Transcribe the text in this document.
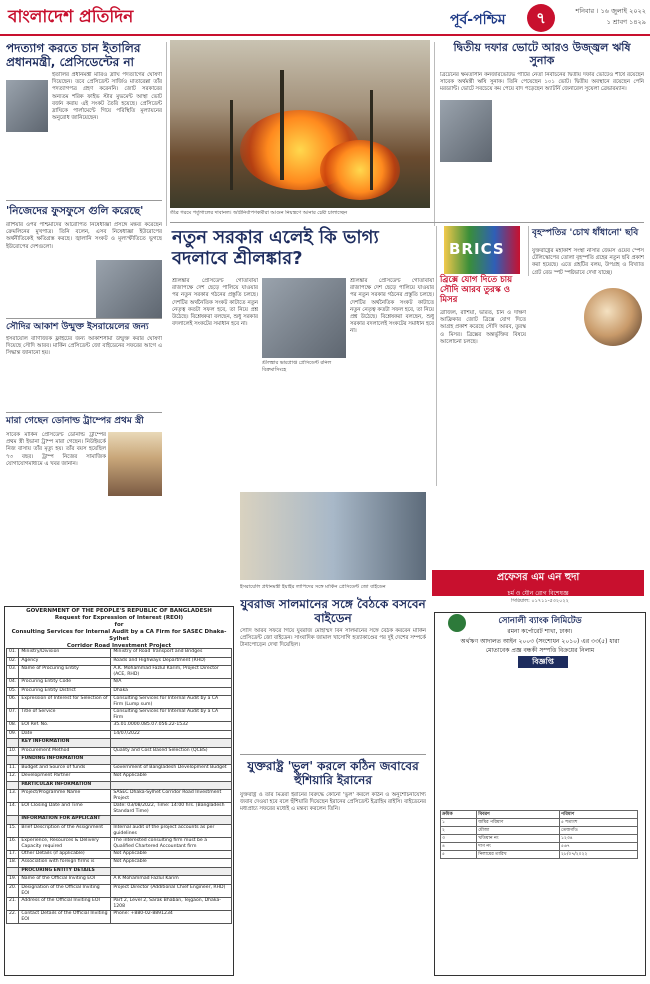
বাংলাদেশ প্রতিদিন	পূর্ব-পশ্চিম	৭	শনিবার । ১৬ জুলাই ২০২২
১ শ্রাবণ ১৪২৯
পদত্যাগ করতে চান ইতালির প্রধানমন্ত্রী, প্রেসিডেন্টের না
ইতালির প্রধানমন্ত্রী মারিও দ্রাঘি পদত্যাগের ঘোষণা দিয়েছেন। তবে প্রেসিডেন্ট সার্জিও মাতারেল্লা তাঁর পদত্যাগপত্র গ্রহণ করেননি। জোট সরকারের অন্যতম শরিক ফাইভ স্টার মুভমেন্ট আস্থা ভোট বর্জন করায় এই সংকট তৈরি হয়েছে। প্রেসিডেন্ট দ্রাঘিকে পার্লামেন্টে গিয়ে পরিস্থিতি মূল্যায়নের অনুরোধ জানিয়েছেন।
'নিজেদের ফুসফুসে গুলি করেছে'
রাশিয়ার ওপর পশ্চিমাদের আরোপিত নিষেধাজ্ঞা প্রসঙ্গে মন্তব্য করেছেন ক্রেমলিনের মুখপাত্র। তিনি বলেন, এসব নিষেধাজ্ঞা ইউরোপের অর্থনীতিকেই ক্ষতিগ্রস্ত করছে। জ্বালানি সংকট ও মূল্যস্ফীতিতে ভুগছে ইউরোপের দেশগুলো।
সৌদির আকাশ উন্মুক্ত ইসরায়েলের জন্য
ইসরায়েলি বাণিজ্যিক ফ্লাইটের জন্য আকাশসীমা উন্মুক্ত করার ঘোষণা দিয়েছে সৌদি আরব। মার্কিন প্রেসিডেন্ট জো বাইডেনের সফরের আগে এ সিদ্ধান্ত জানানো হয়।
মারা গেছেন ডোনাল্ড ট্রাম্পের প্রথম স্ত্রী
সাবেক মার্কিন প্রেসিডেন্ট ডোনাল্ড ট্রাম্পের প্রথম স্ত্রী ইভানা ট্রাম্প মারা গেছেন। নিউইয়র্কে নিজ বাসায় তাঁর মৃত্যু হয়। তাঁর বয়স হয়েছিল ৭৩ বছর। ট্রাম্প নিজের সামাজিক যোগাযোগমাধ্যমে এ খবর জানান।
তীব্র গরমে পর্তুগালের দাবানল। অগ্নিনির্বাপণকর্মীরা আগুন নিয়ন্ত্রণে আনার চেষ্টা চালাচ্ছেন
দ্বিতীয় দফার ভোটে আরও উজ্জ্বল ঋষি সুনাক
ব্রিটেনের ক্ষমতাসীন কনজারভেটিভ পার্টির নেতা নির্বাচনের দ্বিতীয় দফার ভোটেও শীর্ষে রয়েছেন সাবেক অর্থমন্ত্রী ঋষি সুনাক। তিনি পেয়েছেন ১০১ ভোট। দ্বিতীয় অবস্থানে রয়েছেন পেনি মরড্যান্ট। ভোটে সবচেয়ে কম পেয়ে বাদ পড়েছেন অ্যাটর্নি জেনারেল সুয়েলা ব্রেভারম্যান।
নতুন সরকার এলেই কি ভাগ্য বদলাবে শ্রীলঙ্কার?
শ্রীলঙ্কার ভারপ্রাপ্ত প্রেসিডেন্ট রনিল বিক্রমাসিংহে
শ্রীলঙ্কার প্রেসিডেন্ট গোতাবায়া রাজাপক্ষে দেশ ছেড়ে পালিয়ে যাওয়ার পর নতুন সরকার গঠনের প্রস্তুতি চলছে। দেশটির অর্থনৈতিক সংকট কাটাতে নতুন নেতৃত্ব কতটা সফল হবে, তা নিয়ে প্রশ্ন উঠেছে। বিশ্লেষকরা বলছেন, শুধু সরকার বদলালেই সংকটের সমাধান হবে না।
শ্রীলঙ্কার প্রেসিডেন্ট গোতাবায়া রাজাপক্ষে দেশ ছেড়ে পালিয়ে যাওয়ার পর নতুন সরকার গঠনের প্রস্তুতি চলছে। দেশটির অর্থনৈতিক সংকট কাটাতে নতুন নেতৃত্ব কতটা সফল হবে, তা নিয়ে প্রশ্ন উঠেছে। বিশ্লেষকরা বলছেন, শুধু সরকার বদলালেই সংকটের সমাধান হবে না।
BRICS
ব্রিক্সে যোগ দিতে চায় সৌদি আরব তুরস্ক ও মিসর
ব্রাজিল, রাশিয়া, ভারত, চীন ও দক্ষিণ আফ্রিকার জোট ব্রিক্সে যোগ দিতে আগ্রহ প্রকাশ করেছে সৌদি আরব, তুরস্ক ও মিসর। ব্রিক্সের অন্তর্ভুক্তির বিষয়ে আলোচনা চলছে।
বৃহস্পতির 'চোখ ধাঁধানো' ছবি
যুক্তরাষ্ট্রের মহাকাশ সংস্থা নাসার জেমস ওয়েব স্পেস টেলিস্কোপের তোলা বৃহস্পতি গ্রহের নতুন ছবি প্রকাশ করা হয়েছে। এতে গ্রহটির বলয়, উপগ্রহ ও বিখ্যাত গ্রেট রেড স্পট স্পষ্টভাবে দেখা যাচ্ছে।
প্রফেসর এম এন হুদা
চর্ম ও যৌন রোগ বিশেষজ্ঞ
সিরিয়াল: ০১৭১১-৫৩২০২২
ইসরায়েলি প্রধানমন্ত্রী ইয়াইর লাপিদের সঙ্গে মার্কিন প্রেসিডেন্ট জো বাইডেন
যুবরাজ সালমানের সঙ্গে বৈঠকে বসবেন বাইডেন
সৌদি আরব সফরে গিয়ে যুবরাজ মোহাম্মদ বিন সালমানের সঙ্গে বৈঠক করবেন মার্কিন প্রেসিডেন্ট জো বাইডেন। সাংবাদিক জামাল খাসোগি হত্যাকাণ্ডের পর দুই দেশের সম্পর্কে টানাপোড়েন দেখা দিয়েছিল।
যুক্তরাষ্ট্র 'ভুল' করলে কঠিন জবাবের হুঁশিয়ারি ইরানের
যুক্তরাষ্ট্র ও তার মিত্ররা ইরানের বিরুদ্ধে কোনো 'ভুল' করলে কঠিন ও অনুশোচনাযোগ্য জবাব দেওয়া হবে বলে হুঁশিয়ারি দিয়েছেন ইরানের প্রেসিডেন্ট ইব্রাহিম রাইসি। বাইডেনের মধ্যপ্রাচ্য সফরের মধ্যেই এ মন্তব্য করলেন তিনি।
GOVERNMENT OF THE PEOPLE'S REPUBLIC OF BANGLADESH
Request for Expression of Interest (REOI)
for
Consulting Services for Internal Audit by a CA Firm for SASEC Dhaka-Sylhet
Corridor Road Investment Project
01.	Ministry/Division	Ministry of Road Transport and Bridges
02.	Agency	Roads and Highways Department (RHD)
03.	Name of Procuring Entity	A.K. Mohammad Fazlul Karim, Project Director (ACE, RHD)
04.	Procuring Entity Code	N/A
05.	Procuring Entity District	Dhaka
06.	Expression of Interest for Selection of	Consulting Services for Internal Audit by a CA Firm (Lump sum)
07.	Title of Service	Consulting Services for Internal Audit by a CA Firm
08.	EOI Ref. No.	35.01.0000.085.07.056.22-1532
09.	Date	14/07/2022
	KEY INFORMATION	
10.	Procurement Method	Quality and Cost Based Selection (QCBS)
	FUNDING INFORMATION	
11.	Budget and Source of funds	Government of Bangladesh Development Budget
12.	Development Partner	Not Applicable
	PARTICULAR INFORMATION	
13.	Project/Programme Name	SASEC Dhaka-Sylhet Corridor Road Investment Project
14.	EOI Closing Date and Time	Date: 03/08/2022, Time: 14:00 hrs. (Bangladesh Standard Time)
	INFORMATION FOR APPLICANT	
15.	Brief Description of the Assignment	Internal audit of the project accounts as per guidelines
16.	Experience, Resources & Delivery Capacity required	The interested consulting firm must be a Qualified Chartered Accountant firm
17.	Other Details (if applicable)	Not Applicable
18.	Association with foreign firms is	Not Applicable
	PROCURING ENTITY DETAILS	
19.	Name of the Official Inviting EOI	A K Mohammad Fazlul Karim
20.	Designation of the Official Inviting EOI	Project Director (Additional Chief Engineer, RHD)
21.	Address of the Official Inviting EOI	Part 2, Level 2, Sarak Bhaban, Tejgaon, Dhaka-1208
22.	Contact Details of the Official Inviting EOI	Phone: +880-02-8891234
সোনালী ব্যাংক লিমিটেড
রমনা কর্পোরেট শাখা, ঢাকা।
অর্থঋণ আদালত আইন ২০০৩ (সংশোধন ২০১০) এর ৩৩(৫) ধারা
মোতাবেক প্রজ্ঞ বন্ধকী সম্পত্তি বিক্রয়ের নিলাম
বিজ্ঞপ্তি
ক্রমিক	বিবরণ	পরিমাণ
১	জমির পরিমাণ	৫ শতাংশ
২	মৌজা	তেজগাঁও
৩	খতিয়ান নং	১২৩৪
৪	দাগ নং	৫৬৭
৫	নিলামের তারিখ	২৮/০৭/২০২২
